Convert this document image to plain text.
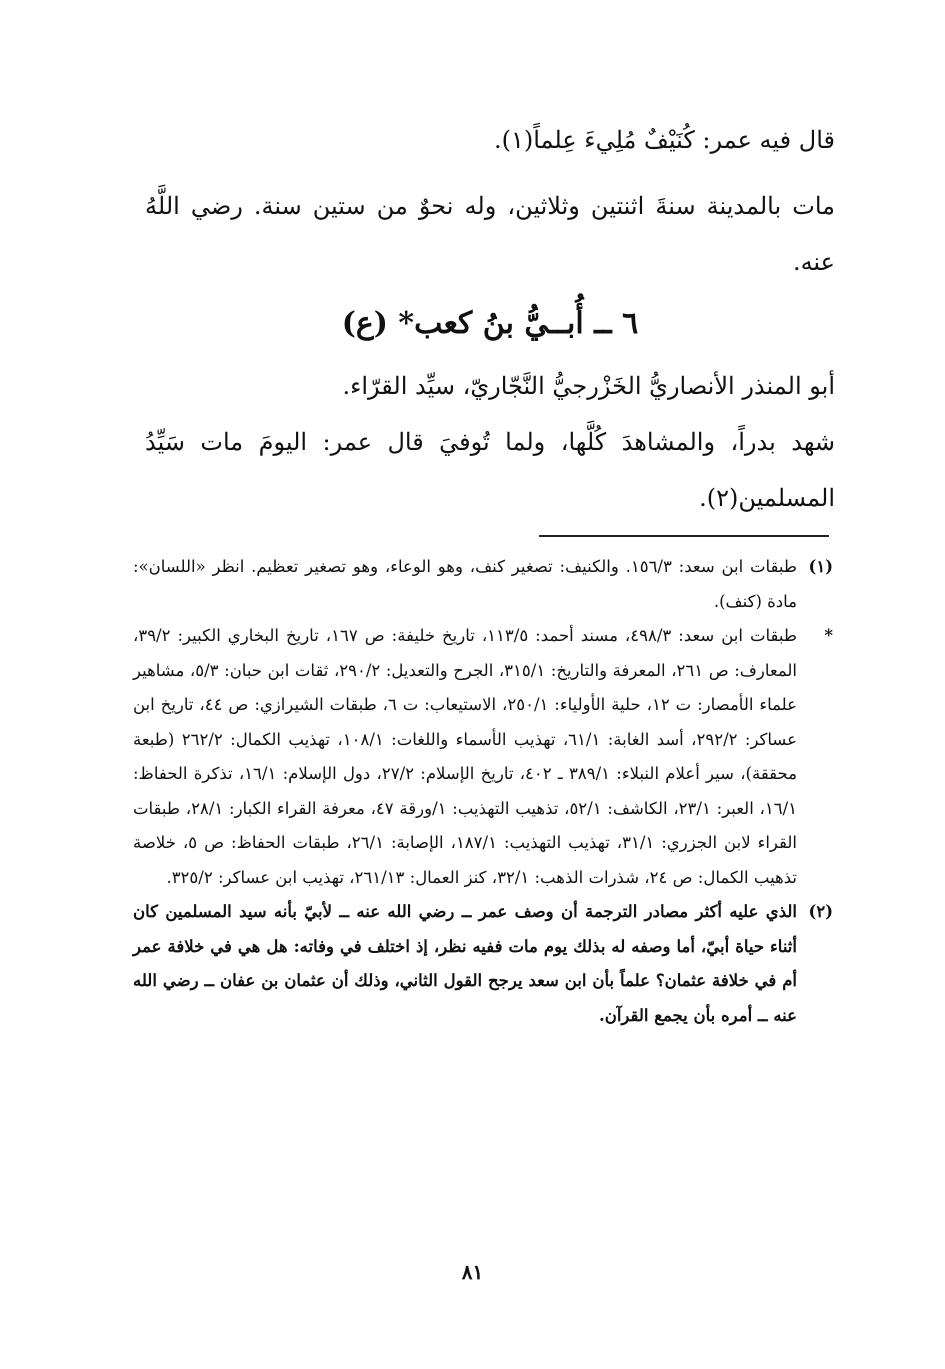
قال فيه عمر: كُنَيْفٌ مُلِيءَ عِلماً(١).

مات بالمدينة سنةَ اثنتين وثلاثين، وله نحوٌ من ستين سنة. رضي اللَّهُ عنه.

٦ ــ أُبــيُّ بنُ كعب* (ع)

أبو المنذر الأنصاريُّ الخَزْرجيُّ النَّجّاريّ، سيِّد القرّاء.

شهد بدراً، والمشاهدَ كُلَّها، ولما تُوفيَ قال عمر: اليومَ مات سَيِّدُ المسلمين(٢).

(١)
طبقات ابن سعد: ١٥٦/٣. والكنيف: تصغير كنف، وهو الوعاء، وهو تصغير تعظيم. انظر «اللسان»: مادة (كنف).
*
طبقات ابن سعد: ٤٩٨/٣، مسند أحمد: ١١٣/٥، تاريخ خليفة: ص ١٦٧، تاريخ البخاري الكبير: ٣٩/٢، المعارف: ص ٢٦١، المعرفة والتاريخ: ٣١٥/١، الجرح والتعديل: ٢٩٠/٢، ثقات ابن حبان: ٥/٣، مشاهير علماء الأمصار: ت ١٢، حلية الأولياء: ٢٥٠/١، الاستيعاب: ت ٦، طبقات الشيرازي: ص ٤٤، تاريخ ابن عساكر: ٢٩٢/٢، أسد الغابة: ٦١/١، تهذيب الأسماء واللغات: ١٠٨/١، تهذيب الكمال: ٢٦٢/٢ (طبعة محققة)، سير أعلام النبلاء: ٣٨٩/١ ـ ٤٠٢، تاريخ الإسلام: ٢٧/٢، دول الإسلام: ١٦/١، تذكرة الحفاظ: ١٦/١، العبر: ٢٣/١، الكاشف: ٥٢/١، تذهيب التهذيب: ١/ورقة ٤٧، معرفة القراء الكبار: ٢٨/١، طبقات القراء لابن الجزري: ٣١/١، تهذيب التهذيب: ١٨٧/١، الإصابة: ٢٦/١، طبقات الحفاظ: ص ٥، خلاصة تذهيب الكمال: ص ٢٤، شذرات الذهب: ٣٢/١، كنز العمال: ٢٦١/١٣، تهذيب ابن عساكر: ٣٢٥/٢.
(٢)
الذي عليه أكثر مصادر الترجمة أن وصف عمر ــ رضي الله عنه ــ لأبيّ بأنه سيد المسلمين كان أثناء حياة أبيّ، أما وصفه له بذلك يوم مات ففيه نظر، إذ اختلف في وفاته: هل هي في خلافة عمر أم في خلافة عثمان؟ علماً بأن ابن سعد يرجح القول الثاني، وذلك أن عثمان بن عفان ــ رضي الله عنه ــ أمره بأن يجمع القرآن.
٨١
